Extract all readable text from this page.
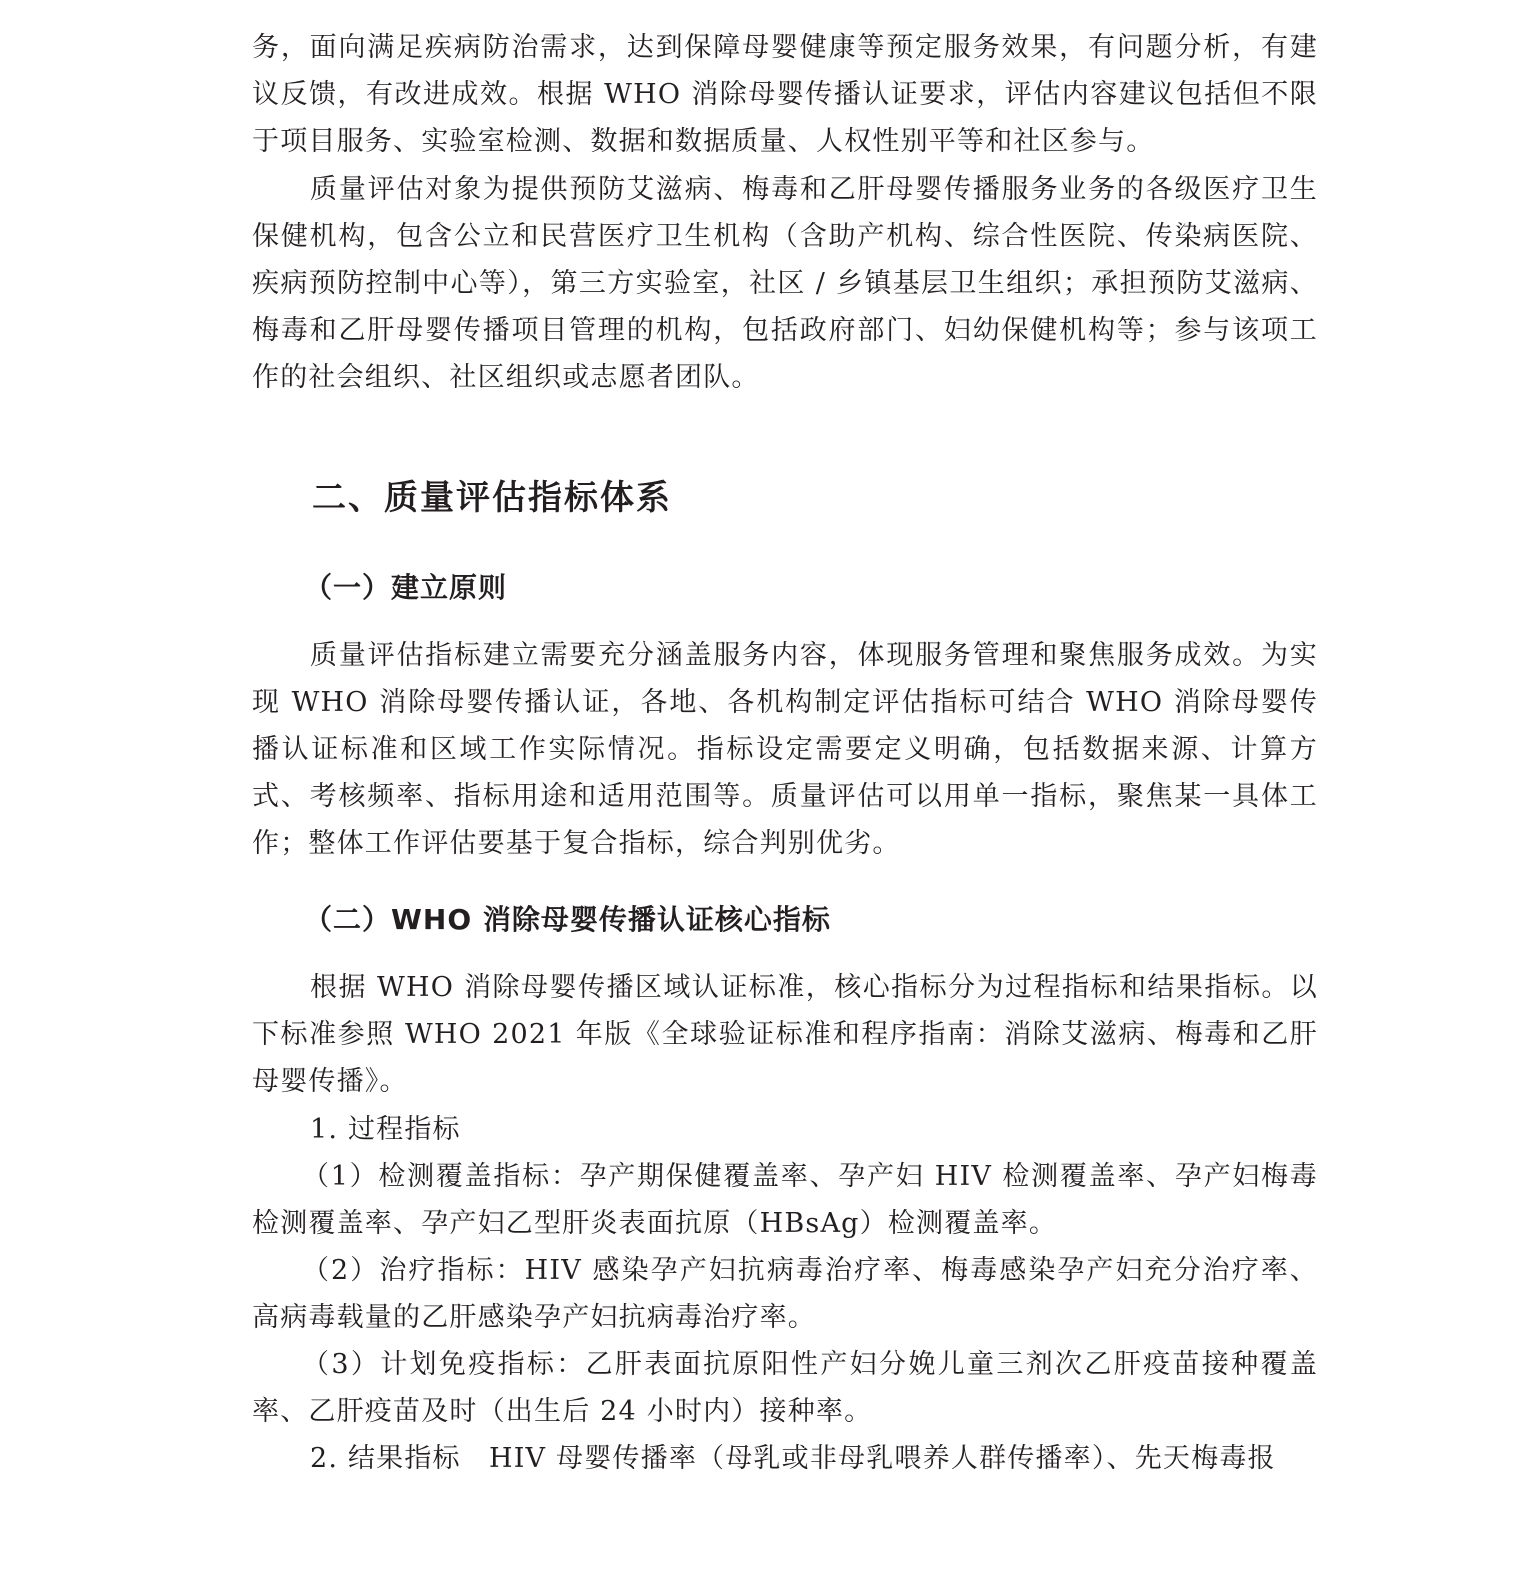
务，面向满足疾病防治需求，达到保障母婴健康等预定服务效果，有问题分析，有建议反馈，有改进成效。根据 WHO 消除母婴传播认证要求，评估内容建议包括但不限于项目服务、实验室检测、数据和数据质量、人权性别平等和社区参与。

质量评估对象为提供预防艾滋病、梅毒和乙肝母婴传播服务业务的各级医疗卫生保健机构，包含公立和民营医疗卫生机构（含助产机构、综合性医院、传染病医院、疾病预防控制中心等），第三方实验室，社区 / 乡镇基层卫生组织；承担预防艾滋病、梅毒和乙肝母婴传播项目管理的机构，包括政府部门、妇幼保健机构等；参与该项工作的社会组织、社区组织或志愿者团队。

二、质量评估指标体系
（一）建立原则

质量评估指标建立需要充分涵盖服务内容，体现服务管理和聚焦服务成效。为实现 WHO 消除母婴传播认证，各地、各机构制定评估指标可结合 WHO 消除母婴传播认证标准和区域工作实际情况。指标设定需要定义明确，包括数据来源、计算方式、考核频率、指标用途和适用范围等。质量评估可以用单一指标，聚焦某一具体工作；整体工作评估要基于复合指标，综合判别优劣。

（二）WHO 消除母婴传播认证核心指标

根据 WHO 消除母婴传播区域认证标准，核心指标分为过程指标和结果指标。以下标准参照 WHO 2021 年版《全球验证标准和程序指南：消除艾滋病、梅毒和乙肝母婴传播》。

1. 过程指标

（1）检测覆盖指标：孕产期保健覆盖率、孕产妇 HIV 检测覆盖率、孕产妇梅毒检测覆盖率、孕产妇乙型肝炎表面抗原（HBsAg）检测覆盖率。

（2）治疗指标：HIV 感染孕产妇抗病毒治疗率、梅毒感染孕产妇充分治疗率、高病毒载量的乙肝感染孕产妇抗病毒治疗率。

（3）计划免疫指标：乙肝表面抗原阳性产妇分娩儿童三剂次乙肝疫苗接种覆盖率、乙肝疫苗及时（出生后 24 小时内）接种率。

2. 结果指标　HIV 母婴传播率（母乳或非母乳喂养人群传播率）、先天梅毒报
